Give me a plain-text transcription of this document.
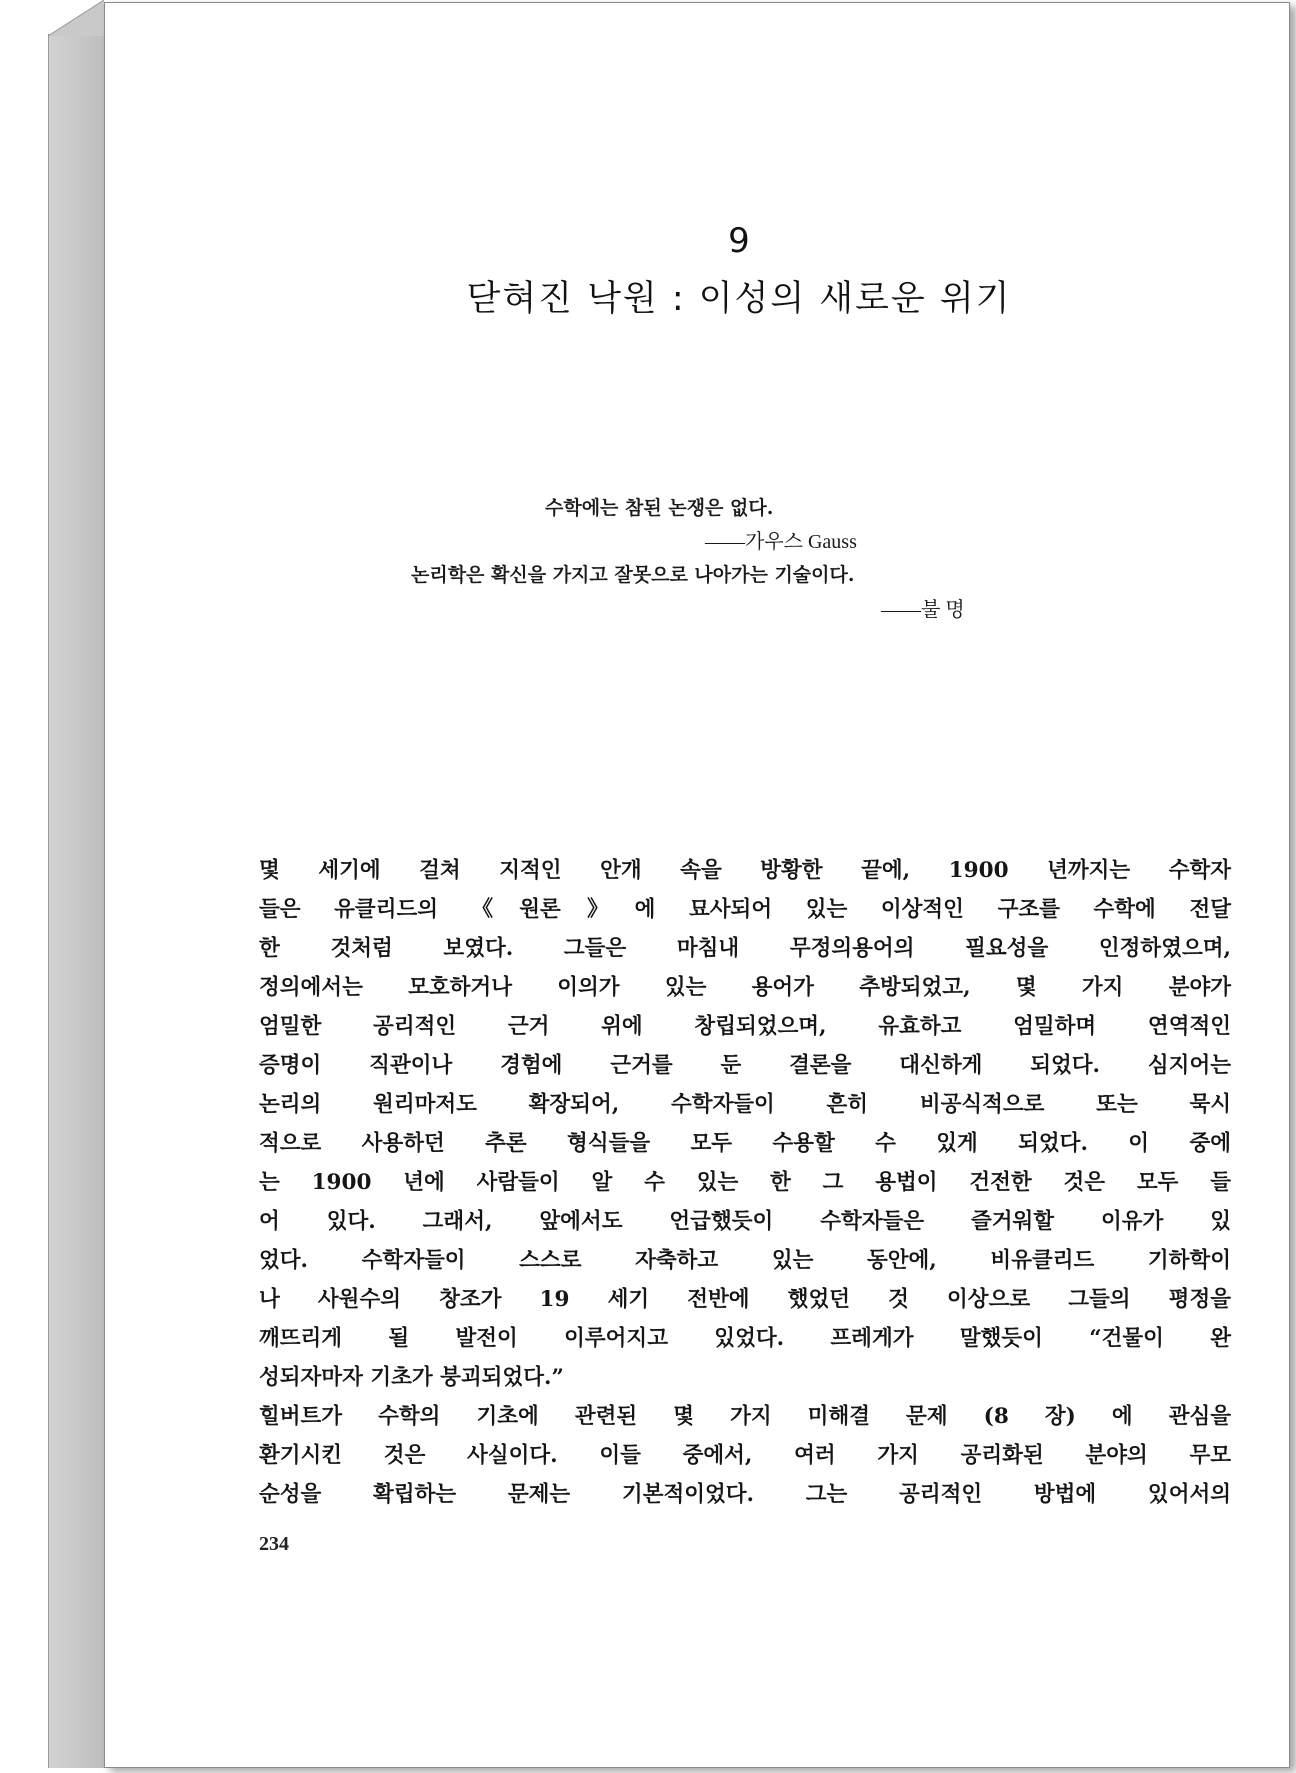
9
닫혀진 낙원 : 이성의 새로운 위기
수학에는 참된 논쟁은 없다.
——가우스 Gauss
논리학은 확신을 가지고 잘못으로 나아가는 기술이다.
——불 명
몇 세기에 걸쳐 지적인 안개 속을 방황한 끝에, 1900 년까지는 수학자
들은 유클리드의 《원론》에 묘사되어 있는 이상적인 구조를 수학에 전달
한 것처럼 보였다. 그들은 마침내 무정의용어의 필요성을 인정하였으며,
정의에서는 모호하거나 이의가 있는 용어가 추방되었고, 몇 가지 분야가
엄밀한 공리적인 근거 위에 창립되었으며, 유효하고 엄밀하며 연역적인
증명이 직관이나 경험에 근거를 둔 결론을 대신하게 되었다. 심지어는
논리의 원리마저도 확장되어, 수학자들이 흔히 비공식적으로 또는 묵시
적으로 사용하던 추론 형식들을 모두 수용할 수 있게 되었다. 이 중에
는 1900 년에 사람들이 알 수 있는 한 그 용법이 건전한 것은 모두 들
어 있다. 그래서, 앞에서도 언급했듯이 수학자들은 즐거워할 이유가 있
었다. 수학자들이 스스로 자축하고 있는 동안에, 비유클리드 기하학이
나 사원수의 창조가 19 세기 전반에 했었던 것 이상으로 그들의 평정을
깨뜨리게 될 발전이 이루어지고 있었다. 프레게가 말했듯이 “건물이 완
성되자마자 기초가 붕괴되었다.”
힐버트가 수학의 기초에 관련된 몇 가지 미해결 문제 (8 장) 에 관심을
환기시킨 것은 사실이다. 이들 중에서, 여러 가지 공리화된 분야의 무모
순성을 확립하는 문제는 기본적이었다. 그는 공리적인 방법에 있어서의
234
